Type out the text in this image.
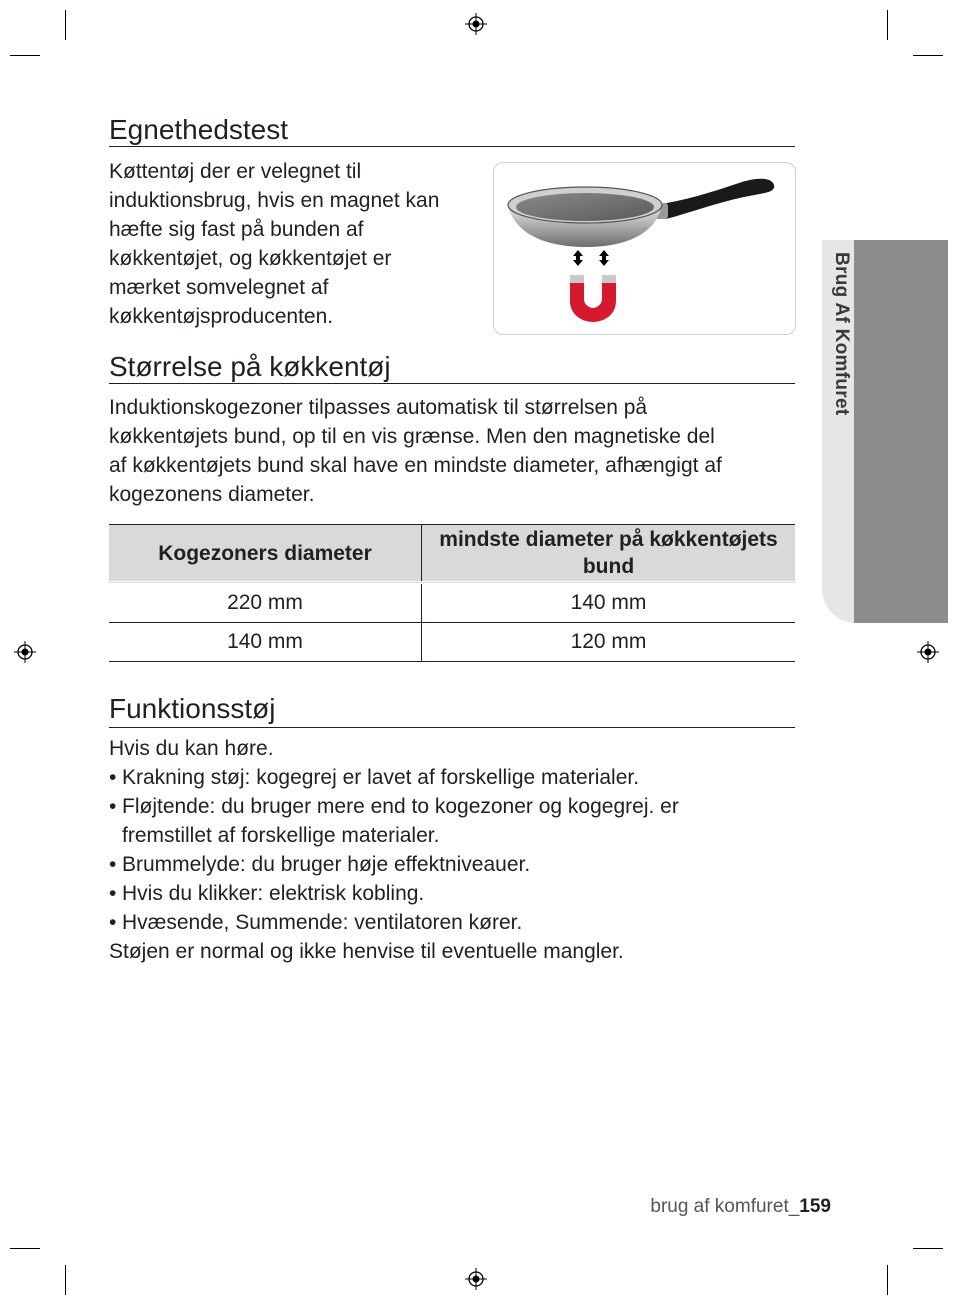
Brug Af Komfuret
Egnethedstest
Køttentøj der er velegnet til
induktionsbrug, hvis en magnet kan
hæfte sig fast på bunden af
køkkentøjet, og køkkentøjet er
mærket somvelegnet af
køkkentøjsproducenten.
Størrelse på køkkentøj
Induktionskogezoner tilpasses automatisk til størrelsen på
køkkentøjets bund, op til en vis grænse. Men den magnetiske del
af køkkentøjets bund skal have en mindste diameter, afhængigt af
kogezonens diameter.
Kogezoners diameter	mindste diameter på køkkentøjets bund
220 mm	140 mm
140 mm	120 mm
Funktionsstøj
Hvis du kan høre.
• Krakning støj: kogegrej er lavet af forskellige materialer.
• Fløjtende: du bruger mere end to kogezoner og kogegrej. er
fremstillet af forskellige materialer.
• Brummelyde: du bruger høje effektniveauer.
• Hvis du klikker: elektrisk kobling.
• Hvæsende, Summende: ventilatoren kører.
Støjen er normal og ikke henvise til eventuelle mangler.
brug af komfuret_159
